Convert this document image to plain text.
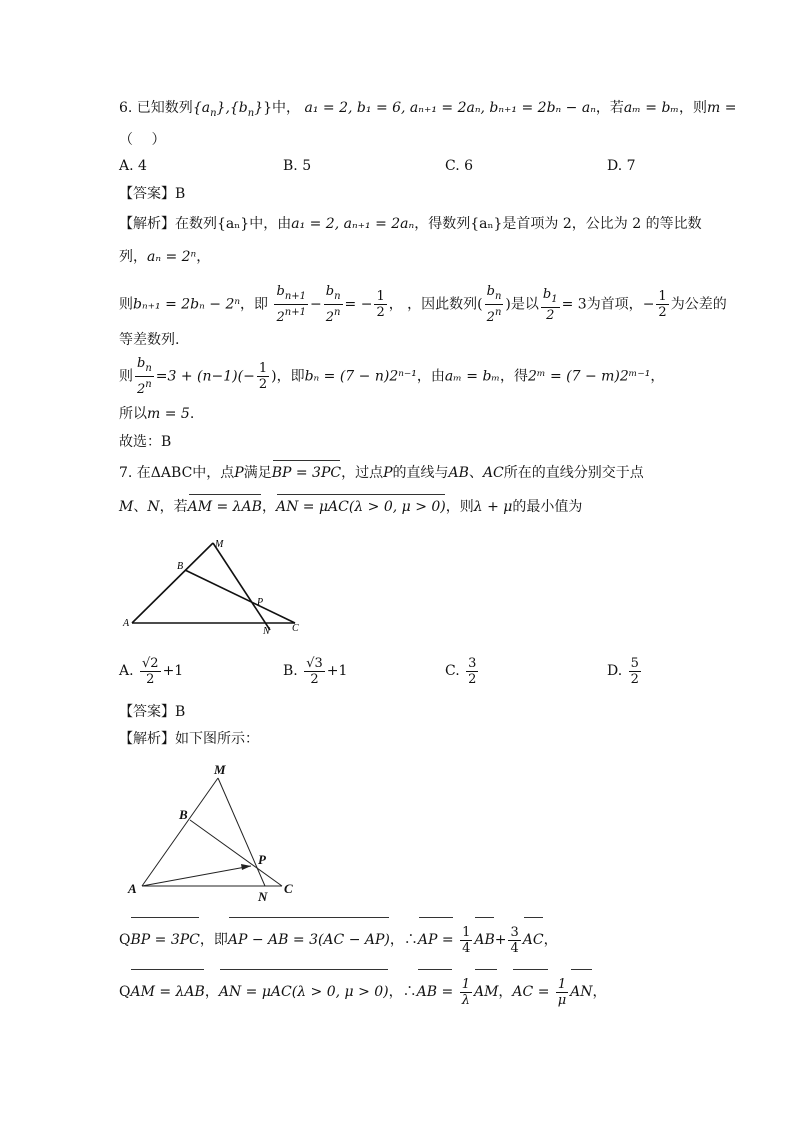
6. 已知数列$\{a_n\},\{b_n\}$}中， a₁ = 2, b₁ = 6, aₙ₊₁ = 2aₙ, bₙ₊₁ = 2bₙ − aₙ，若aₘ = bₘ，则m =
（　 ）
A. 4	B. 5	C. 6	D. 7
【答案】B
【解析】在数列{aₙ}中，由a₁ = 2, aₙ₊₁ = 2aₙ，得数列{aₙ}是首项为 2，公比为 2 的等比数
列，aₙ = 2ⁿ，
则bₙ₊₁ = 2bₙ − 2ⁿ，即 $\frac{b_{n+1}}{2^{n+1}} - \frac{b_n}{2^n}$ = − $\frac{1}{2}$ ， ，因此数列( $\frac{b_n}{2^n}$ )是以 $\frac{b_1}{2} = 3$为首项，− $\frac{1}{2}$ 为公差的
等差数列.
则 $\frac{b_n}{2^n} =3 + (n-1)(- \frac{1}{2}$ )，即bₙ = (7 − n)2ⁿ⁻¹，由aₘ = bₘ，得2ᵐ = (7 − m)2ᵐ⁻¹，
所以m = 5.
故选：B
7. 在ΔABC中，点P满足BP = 3PC，过点P的直线与AB、AC所在的直线分别交于点
M、N，若AM = λAB，AN = μAC(λ > 0, μ > 0)，则λ + μ的最小值为
A
B
M
P
N C
A. $\frac{√2}{2} +1$	B. $\frac{√3}{2} +1$	C. $\frac{3}{2}$	D. $\frac{5}{2}$
【答案】B
【解析】如下图所示：
A
B
M
P
N
C
QBP = 3PC，即AP − AB = 3(AC − AP)，∴AP = $\frac{1}{4} AB+ \frac{3}{4}$ AC，
QAM = λAB，AN = μAC(λ > 0, μ > 0)，∴AB = $\frac{1}{\lambda}$ AM，AC = $\frac{1}{\mu}$ AN，
